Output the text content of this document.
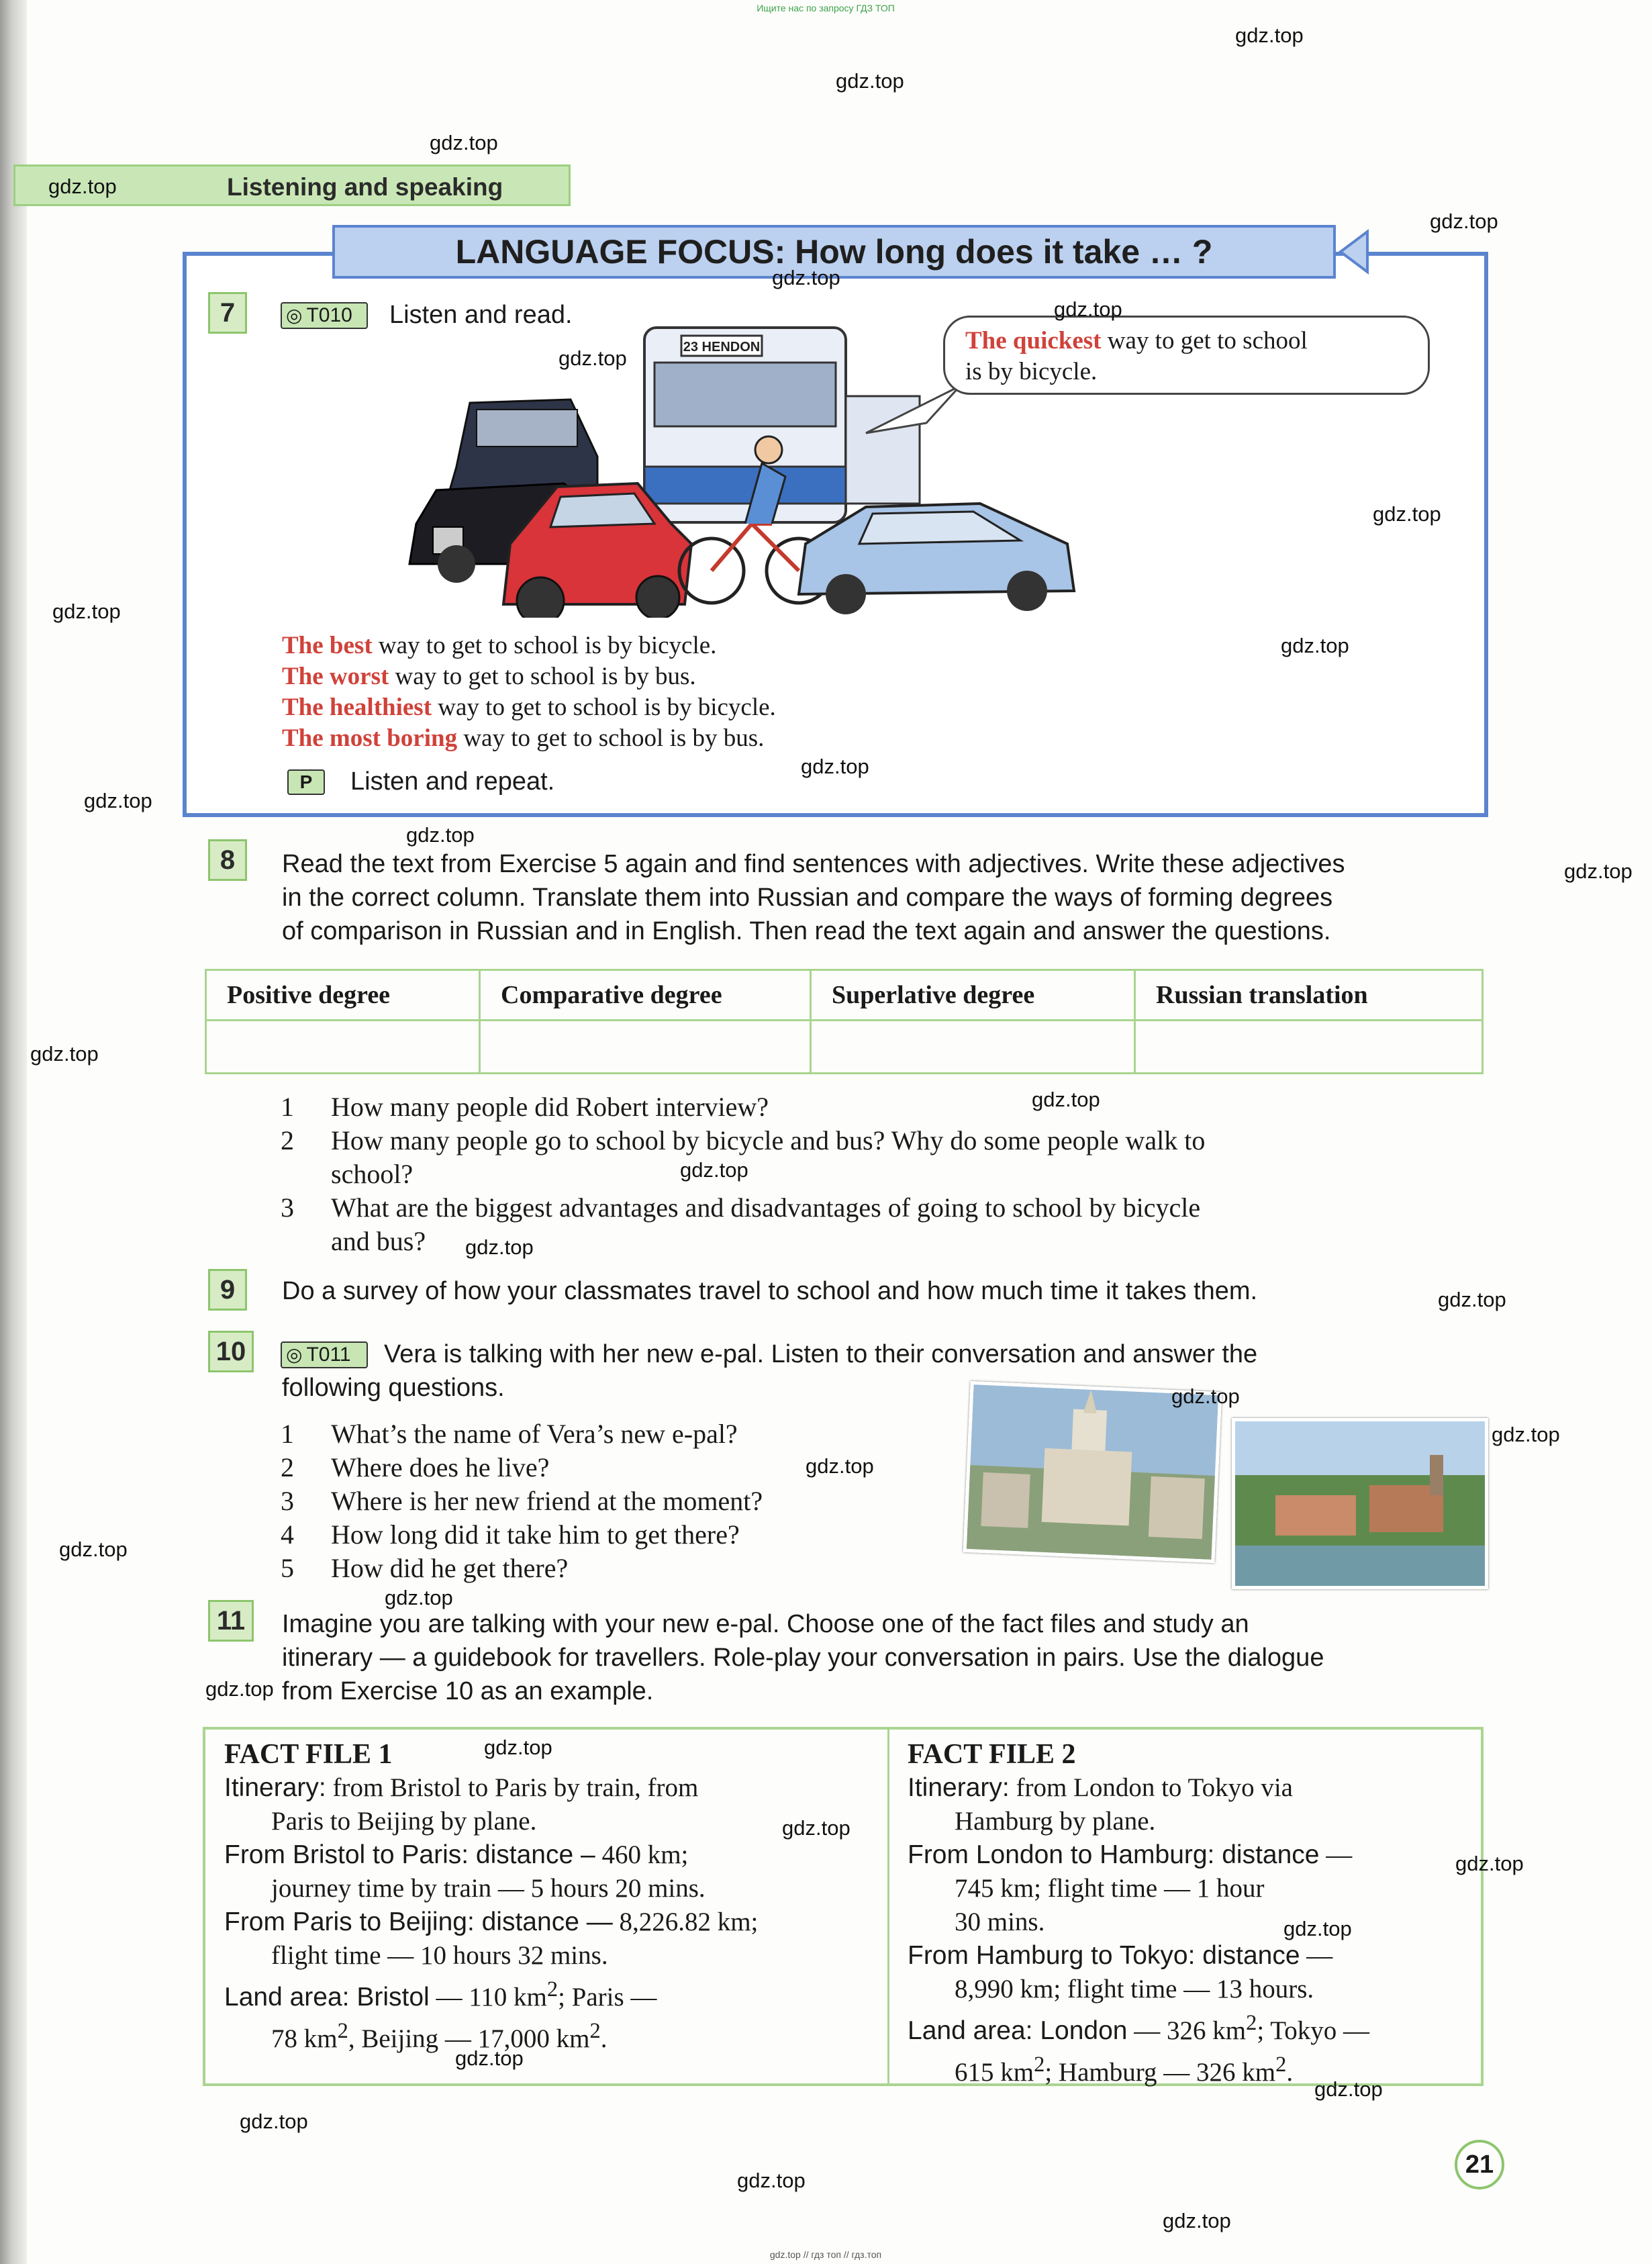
Ищите нас по запросу ГДЗ ТОП
gdz.top // гдз топ // гдз.топ
Listening and speaking
LANGUAGE FOCUS: How long does it take … ?
7	◎ T010	Listen and read.
23 HENDON	The quickest way to get to school
is by bicycle.
The best way to get to school is by bicycle.
The worst way to get to school is by bus.
The healthiest way to get to school is by bicycle.
The most boring way to get to school is by bus.
P	Listen and repeat.
8	Read the text from Exercise 5 again and find sentences with adjectives. Write these adjectives
in the correct column. Translate them into Russian and compare the ways of forming degrees
of comparison in Russian and in English. Then read the text again and answer the questions.
Positive degree	Comparative degree	Superlative degree	Russian translation

1	How many people did Robert interview?
2	How many people go to school by bicycle and bus? Why do some people walk to
school?
3	What are the biggest advantages and disadvantages of going to school by bicycle
and bus?
9	Do a survey of how your classmates travel to school and how much time it takes them.
10	◎ T011	Vera is talking with her new e-pal. Listen to their conversation and answer the
following questions.
1	What’s the name of Vera’s new e-pal?
2	Where does he live?
3	Where is her new friend at the moment?
4	How long did it take him to get there?
5	How did he get there?
11	Imagine you are talking with your new e-pal. Choose one of the fact files and study an
itinerary — a guidebook for travellers. Role-play your conversation in pairs. Use the dialogue
from Exercise 10 as an example.
FACT FILE 1
Itinerary: from Bristol to Paris by train, from
Paris to Beijing by plane.
From Bristol to Paris: distance – 460 km;
journey time by train — 5 hours 20 mins.
From Paris to Beijing: distance — 8,226.82 km;
flight time — 10 hours 32 mins.
Land area: Bristol — 110 $km^2$; Paris —
78 $km^2$, Beijing — 17,000 $km^2$.
FACT FILE 2
Itinerary: from London to Tokyo via
Hamburg by plane.
From London to Hamburg: distance —
745 km; flight time — 1 hour
30 mins.
From Hamburg to Tokyo: distance —
8,990 km; flight time — 13 hours.
Land area: London — 326 $km^2$; Tokyo —
615 $km^2$; Hamburg — 326 $km^2$.
21
gdz.top
gdz.top
gdz.top
gdz.top
gdz.top
gdz.top
gdz.top
gdz.top
gdz.top
gdz.top
gdz.top
gdz.top
gdz.top
gdz.top
gdz.top
gdz.top
gdz.top
gdz.top
gdz.top
gdz.top
gdz.top
gdz.top
gdz.top
gdz.top
gdz.top
gdz.top
gdz.top
gdz.top
gdz.top
gdz.top
gdz.top
gdz.top
gdz.top
gdz.top
gdz.top
